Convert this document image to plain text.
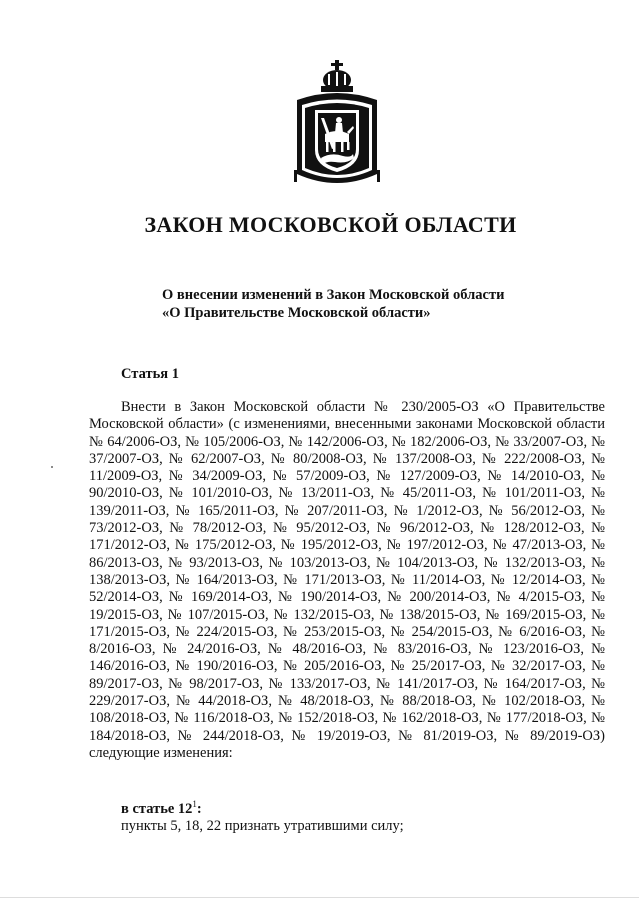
ЗАКОН МОСКОВСКОЙ ОБЛАСТИ
О внесении изменений в Закон Московской области
«О Правительстве Московской области»
Статья 1

Внести в Закон Московской области № 230/2005-ОЗ «О Правительстве Московской области» (с изменениями, внесенными законами Московской области № 64/2006-ОЗ, № 105/2006-ОЗ, № 142/2006-ОЗ, № 182/2006-ОЗ, № 33/2007-ОЗ, № 37/2007-ОЗ, № 62/2007-ОЗ, № 80/2008-ОЗ, № 137/2008-ОЗ, № 222/2008-ОЗ, № 11/2009-ОЗ, № 34/2009-ОЗ, № 57/2009-ОЗ, № 127/2009-ОЗ, № 14/2010-ОЗ, № 90/2010-ОЗ, № 101/2010-ОЗ, № 13/2011-ОЗ, № 45/2011-ОЗ, № 101/2011-ОЗ, № 139/2011-ОЗ, № 165/2011-ОЗ, № 207/2011-ОЗ, № 1/2012-ОЗ, № 56/2012-ОЗ, № 73/2012-ОЗ, № 78/2012-ОЗ, № 95/2012-ОЗ, № 96/2012-ОЗ, № 128/2012-ОЗ, № 171/2012-ОЗ, № 175/2012-ОЗ, № 195/2012-ОЗ, № 197/2012-ОЗ, № 47/2013-ОЗ, № 86/2013-ОЗ, № 93/2013-ОЗ, № 103/2013-ОЗ, № 104/2013-ОЗ, № 132/2013-ОЗ, № 138/2013-ОЗ, № 164/2013-ОЗ, № 171/2013-ОЗ, № 11/2014-ОЗ, № 12/2014-ОЗ, № 52/2014-ОЗ, № 169/2014-ОЗ, № 190/2014-ОЗ, № 200/2014-ОЗ, № 4/2015-ОЗ, № 19/2015-ОЗ, № 107/2015-ОЗ, № 132/2015-ОЗ, № 138/2015-ОЗ, № 169/2015-ОЗ, № 171/2015-ОЗ, № 224/2015-ОЗ, № 253/2015-ОЗ, № 254/2015-ОЗ, № 6/2016-ОЗ, № 8/2016-ОЗ, № 24/2016-ОЗ, № 48/2016-ОЗ, № 83/2016-ОЗ, № 123/2016-ОЗ, № 146/2016-ОЗ, № 190/2016-ОЗ, № 205/2016-ОЗ, № 25/2017-ОЗ, № 32/2017-ОЗ, № 89/2017-ОЗ, № 98/2017-ОЗ, № 133/2017-ОЗ, № 141/2017-ОЗ, № 164/2017-ОЗ, № 229/2017-ОЗ, № 44/2018-ОЗ, № 48/2018-ОЗ, № 88/2018-ОЗ, № 102/2018-ОЗ, № 108/2018-ОЗ, № 116/2018-ОЗ, № 152/2018-ОЗ, № 162/2018-ОЗ, № 177/2018-ОЗ, № 184/2018-ОЗ, № 244/2018-ОЗ, № 19/2019-ОЗ, № 81/2019-ОЗ, № 89/2019-ОЗ) следующие изменения:

в статье $12^1$:
пункты 5, 18, 22 признать утратившими силу;
